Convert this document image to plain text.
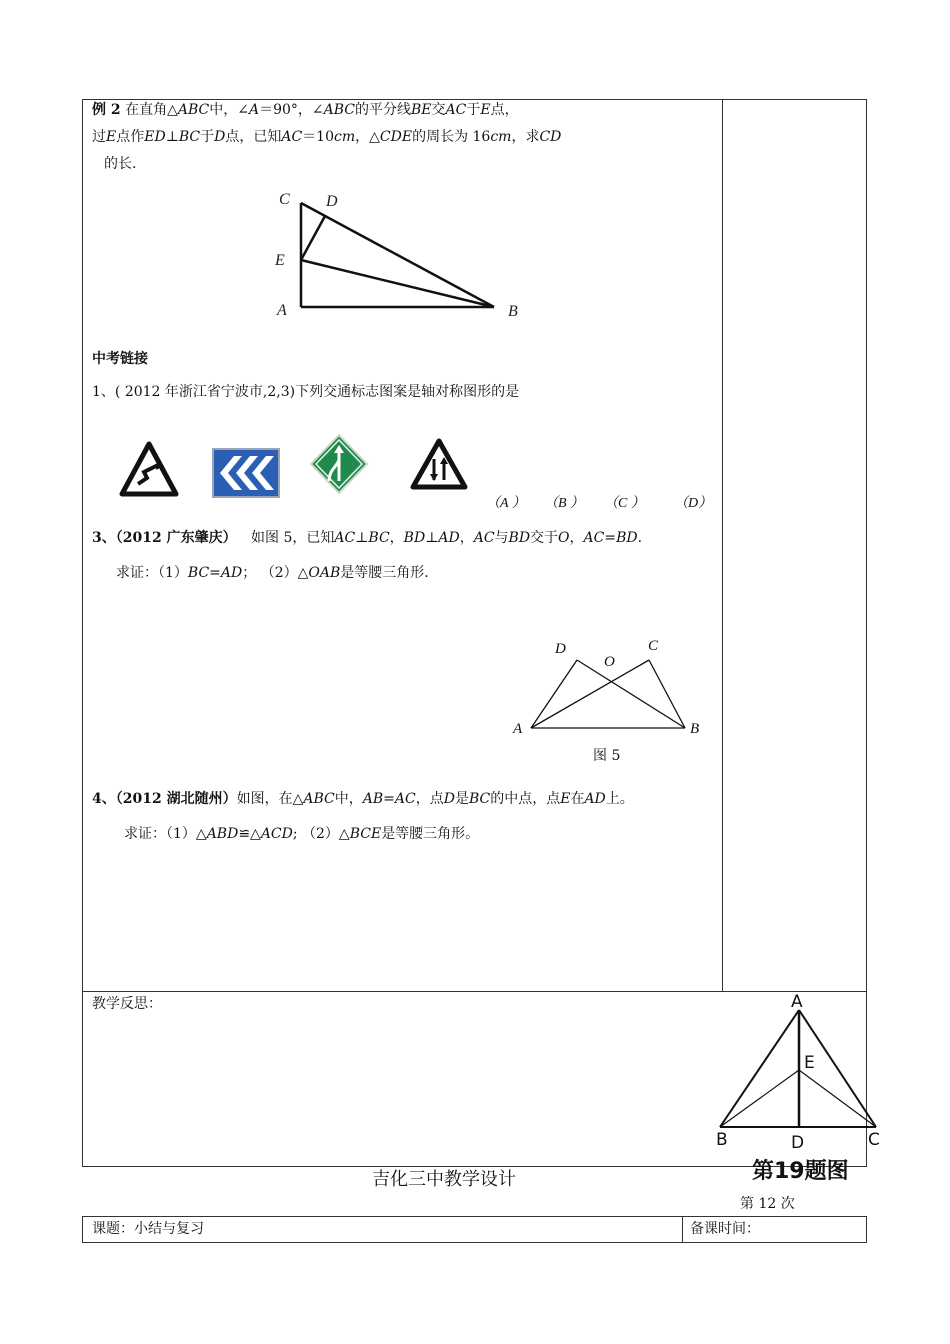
例 2 在直角△ABC中，∠A＝90°，∠ABC的平分线BE交AC于E点，
过E点作ED⊥BC于D点，已知AC＝10cm，△CDE的周长为 16cm，求CD
的长.
C D
E
A	B
中考链接
1、( 2012 年浙江省宁波市,2,3)下列交通标志图案是轴对称图形的是
（A ） （B ） （C ） （D）
3、（2012 广东肇庆） 如图 5，已知AC⊥BC，BD⊥AD，AC与BD交于O，AC=BD.
求证：（1）BC=AD； （2）△OAB是等腰三角形.
D
O
C
A	B
图 5
4、（2012 湖北随州）如图，在△ABC中，AB=AC，点D是BC的中点，点E在AD上。
求证：（1）△ABD≌△ACD; （2）△BCE是等腰三角形。
教学反思：	A
E
B	D	C
第19题图
吉化三中教学设计
第 12 次
课题：小结与复习	备课时间：
